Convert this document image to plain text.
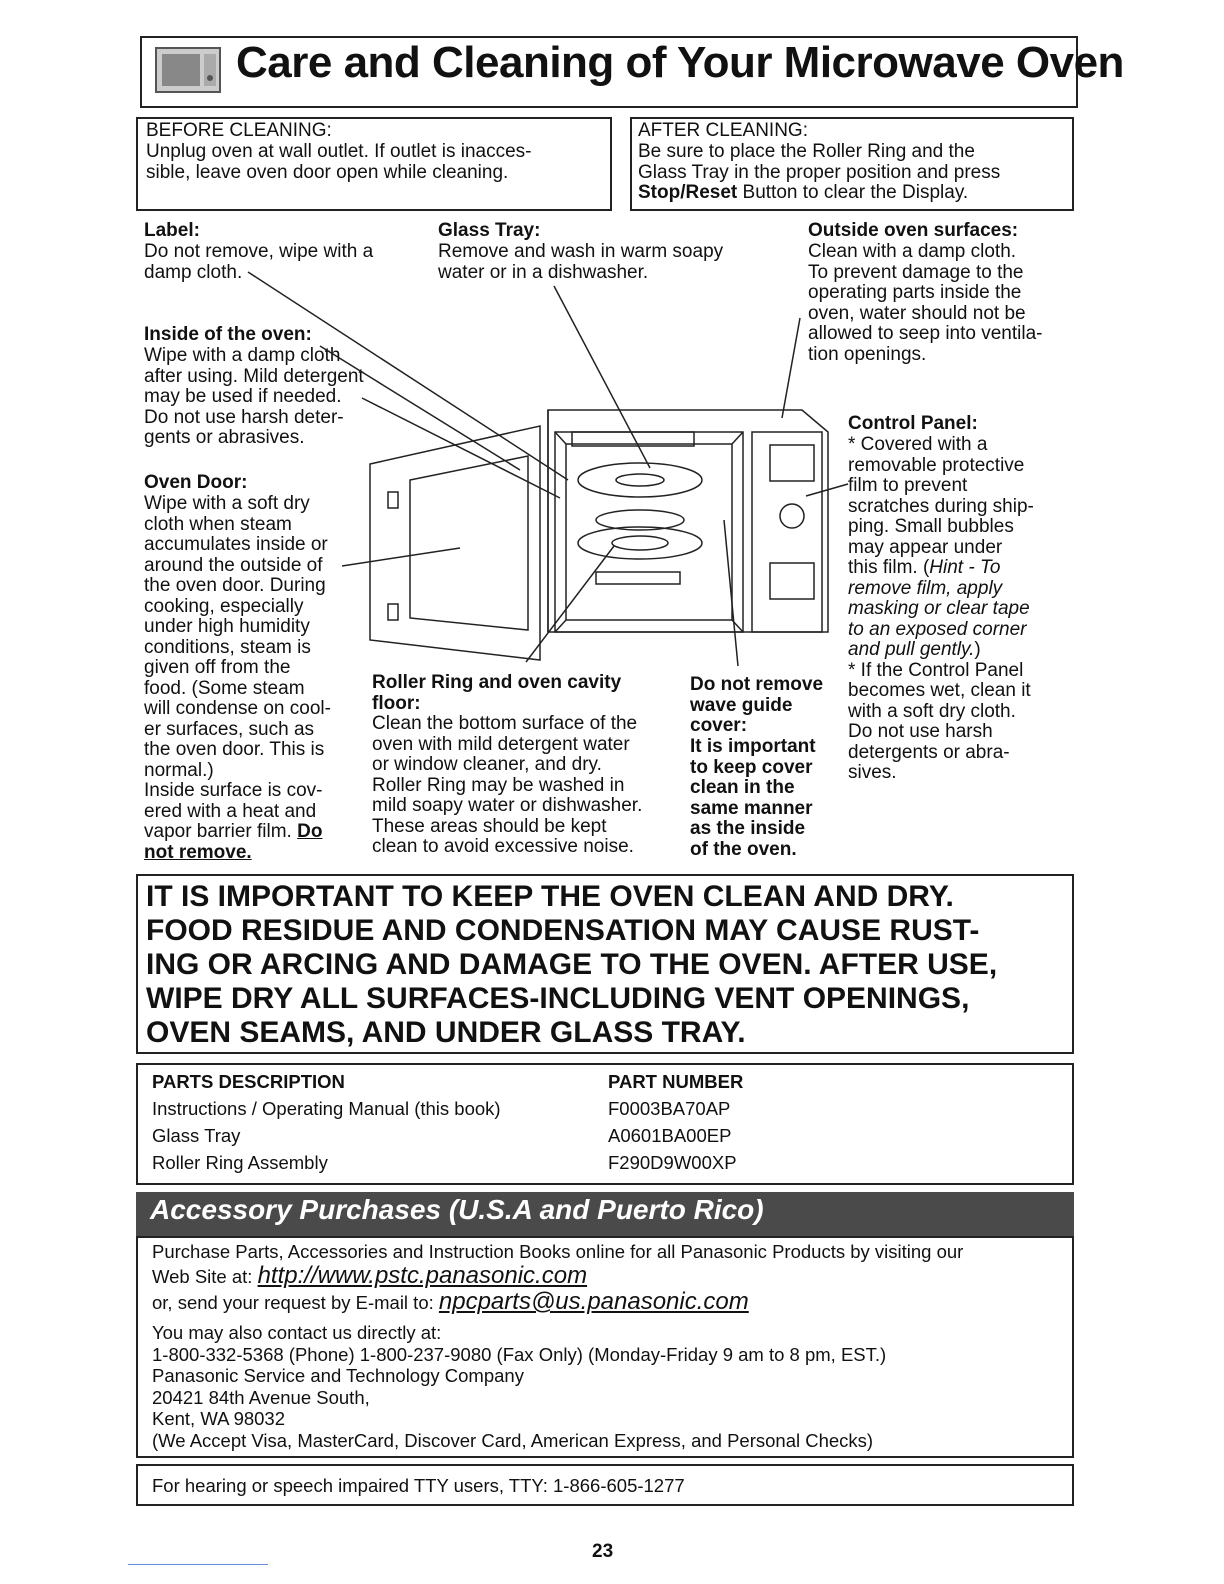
Care and Cleaning of Your Microwave Oven
BEFORE CLEANING:
Unplug oven at wall outlet. If outlet is inacces-
sible, leave oven door open while cleaning.
AFTER CLEANING:
Be sure to place the Roller Ring and the
Glass Tray in the proper position and press
Stop/Reset Button to clear the Display.
Label:
Do not remove, wipe with a
damp cloth.
Glass Tray:
Remove and wash in warm soapy
water or in a dishwasher.
Outside oven surfaces:
Clean with a damp cloth.
To prevent damage to the
operating parts inside the
oven, water should not be
allowed to seep into ventila-
tion openings.
Inside of the oven:
Wipe with a damp cloth
after using. Mild detergent
may be used if needed.
Do not use harsh deter-
gents or abrasives.
Oven Door:
Wipe with a soft dry
cloth when steam
accumulates inside or
around the outside of
the oven door. During
cooking, especially
under high humidity
conditions, steam is
given off from the
food. (Some steam
will condense on cool-
er surfaces, such as
the oven door. This is
normal.)
Inside surface is cov-
ered with a heat and
vapor barrier film. Do
not remove.
Control Panel:
* Covered with a
removable protective
film to prevent
scratches during ship-
ping. Small bubbles
may appear under
this film. (Hint - To
remove film, apply
masking or clear tape
to an exposed corner
and pull gently.)
* If the Control Panel
becomes wet, clean it
with a soft dry cloth.
Do not use harsh
detergents or abra-
sives.
Roller Ring and oven cavity
floor:
Clean the bottom surface of the
oven with mild detergent water
or window cleaner, and dry.
Roller Ring may be washed in
mild soapy water or dishwasher.
These areas should be kept
clean to avoid excessive noise.
Do not remove
wave guide
cover:
It is important
to keep cover
clean in the
same manner
as the inside
of the oven.
IT IS IMPORTANT TO KEEP THE OVEN CLEAN AND DRY.
FOOD RESIDUE AND CONDENSATION MAY CAUSE RUST-
ING OR ARCING AND DAMAGE TO THE OVEN. AFTER USE,
WIPE DRY ALL SURFACES-INCLUDING VENT OPENINGS,
OVEN SEAMS, AND UNDER GLASS TRAY.
PARTS DESCRIPTION	PART NUMBER
Instructions / Operating Manual (this book)	F0003BA70AP
Glass Tray	A0601BA00EP
Roller Ring Assembly	F290D9W00XP
Accessory Purchases (U.S.A and Puerto Rico)
Purchase Parts, Accessories and Instruction Books online for all Panasonic Products by visiting our
Web Site at: http://www.pstc.panasonic.com
or, send your request by E-mail to: npcparts@us.panasonic.com
You may also contact us directly at:
1-800-332-5368 (Phone) 1-800-237-9080 (Fax Only) (Monday-Friday 9 am to 8 pm, EST.)
Panasonic Service and Technology Company
20421 84th Avenue South,
Kent, WA 98032
(We Accept Visa, MasterCard, Discover Card, American Express, and Personal Checks)
For hearing or speech impaired TTY users, TTY: 1-866-605-1277
23
